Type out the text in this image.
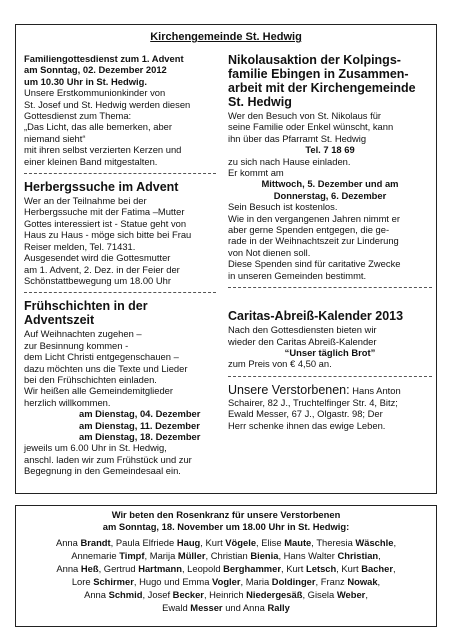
Kirchengemeinde St. Hedwig
Familiengottesdienst zum 1. Advent
am Sonntag, 02. Dezember 2012
um 10.30 Uhr in St. Hedwig.
Unsere Erstkommunionkinder von
St. Josef und St. Hedwig werden diesen
Gottesdienst zum Thema:
„Das Licht, das alle bemerken, aber
niemand sieht“
mit ihren selbst verzierten Kerzen und
einer kleinen Band mitgestalten.
Herbergssuche im Advent
Wer an der Teilnahme bei der
Herbergssuche mit der Fatima –Mutter
Gottes interessiert ist - Statue geht von
Haus zu Haus - möge sich bitte bei Frau
Reiser melden, Tel. 71431.
Ausgesendet wird die Gottesmutter
am 1. Advent, 2. Dez. in der Feier der
Schönstattbewegung um 18.00 Uhr
Frühschichten in der Adventszeit
Auf Weihnachten zugehen –
zur Besinnung kommen -
dem Licht Christi entgegenschauen –
dazu möchten uns die Texte und Lieder
bei den Frühschichten einladen.
Wir heißen alle Gemeindemitglieder
herzlich willkommen.
am Dienstag, 04. Dezember
am Dienstag, 11. Dezember
am Dienstag, 18. Dezember
jeweils um 6.00 Uhr in St. Hedwig,
anschl. laden wir zum Frühstück und zur
Begegnung in den Gemeindesaal ein.
Nikolausaktion der Kolpings-
familie Ebingen in Zusammen-
arbeit mit der Kirchengemeinde
St. Hedwig
Wer den Besuch von St. Nikolaus für
seine Familie oder Enkel wünscht, kann
ihn über das Pfarramt St. Hedwig
Tel. 7 18 69
zu sich nach Hause einladen.
Er kommt am
Mittwoch, 5. Dezember und am
Donnerstag, 6. Dezember
Sein Besuch ist kostenlos.
Wie in den vergangenen Jahren nimmt er
aber gerne Spenden entgegen, die ge-
rade in der Weihnachtszeit zur Linderung
von Not dienen soll.
Diese Spenden sind für caritative Zwecke
in unseren Gemeinden bestimmt.
Caritas-Abreiß-Kalender 2013
Nach den Gottesdiensten bieten wir
wieder den Caritas Abreiß-Kalender
“Unser täglich Brot”
zum Preis von € 4,50 an.
Unsere Verstorbenen: Hans Anton
Schairer, 82 J., Truchtelfinger Str. 4, Bitz;
Ewald Messer, 67 J., Olgastr. 98; Der
Herr schenke ihnen das ewige Leben.
Wir beten den Rosenkranz für unsere Verstorbenen
am Sonntag, 18. November um 18.00 Uhr in St. Hedwig:
Anna Brandt, Paula Elfriede Haug, Kurt Vögele, Elise Maute, Theresia Wäschle,
Annemarie Timpf, Marija Müller, Christian Bienia, Hans Walter Christian,
Anna Heß, Gertrud Hartmann, Leopold Berghammer, Kurt Letsch, Kurt Bacher,
Lore Schirmer, Hugo und Emma Vogler, Maria Doldinger, Franz Nowak,
Anna Schmid, Josef Becker, Heinrich Niedergesäß, Gisela Weber,
Ewald Messer und Anna Rally
